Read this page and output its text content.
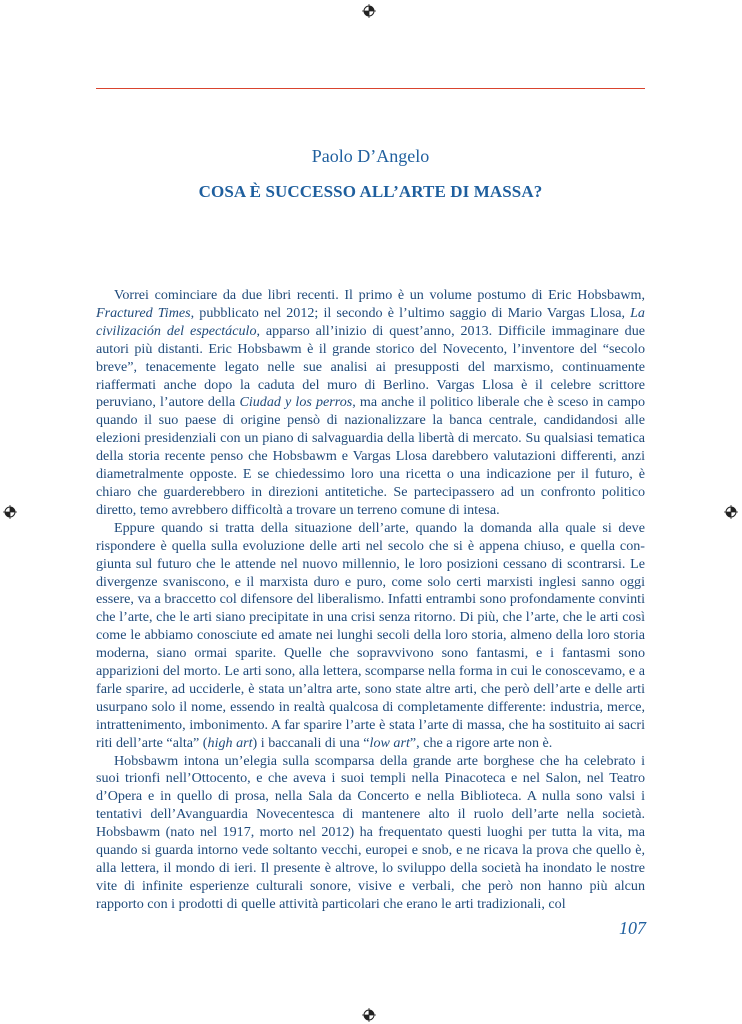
Paolo D’Angelo
COSA È SUCCESSO ALL’ARTE DI MASSA?

Vorrei cominciare da due libri recenti. Il primo è un volume postumo di Eric Hobsbawm, Fractured Times, pubblicato nel 2012; il secondo è l’ultimo saggio di Mario Vargas Llosa, La civilización del espectáculo, apparso all’inizio di quest’anno, 2013. Difficile immaginare due autori più distanti. Eric Hobsbawm è il grande storico del Novecento, l’inventore del “secolo breve”, tenacemente legato nelle sue analisi ai presupposti del marxismo, continuamente riaffermati anche dopo la caduta del muro di Berlino. Vargas Llosa è il celebre scrittore peruviano, l’autore della Ciudad y los perros, ma anche il politico liberale che è sceso in campo quando il suo paese di origine pensò di nazionalizzare la banca centrale, candidandosi alle elezioni presidenziali con un piano di salvaguardia della libertà di mercato. Su qualsiasi tematica della storia recente penso che Hobsbawm e Vargas Llosa darebbero valutazioni differenti, anzi diametralmente opposte. E se chiedessimo loro una ricetta o una indicazione per il futuro, è chiaro che guarderebbero in direzioni antitetiche. Se partecipassero ad un confronto politico diretto, temo avrebbero difficoltà a trovare un terreno comune di intesa.

Eppure quando si tratta della situazione dell’arte, quando la domanda alla quale si deve rispondere è quella sulla evoluzione delle arti nel secolo che si è appena chiuso, e quella congiunta sul futuro che le attende nel nuovo millennio, le loro posizioni cessano di scontrarsi. Le divergenze svaniscono, e il marxista duro e puro, come solo certi marxisti inglesi sanno oggi essere, va a braccetto col difensore del liberalismo. Infatti entrambi sono profondamente convinti che l’arte, che le arti siano precipitate in una crisi senza ritorno. Di più, che l’arte, che le arti così come le abbiamo conosciute ed amate nei lunghi secoli della loro storia, almeno della loro storia moderna, siano ormai sparite. Quelle che sopravvivono sono fantasmi, e i fantasmi sono apparizioni del morto. Le arti sono, alla lettera, scomparse nella forma in cui le conoscevamo, e a farle sparire, ad ucciderle, è stata un’altra arte, sono state altre arti, che però dell’arte e delle arti usurpano solo il nome, essendo in realtà qualcosa di completamente differente: industria, merce, intrattenimento, imbonimento. A far sparire l’arte è stata l’arte di massa, che ha sostituito ai sacri riti dell’arte “alta” (high art) i baccanali di una “low art”, che a rigore arte non è.

Hobsbawm intona un’elegia sulla scomparsa della grande arte borghese che ha celebrato i suoi trionfi nell’Ottocento, e che aveva i suoi templi nella Pinacoteca e nel Salon, nel Teatro d’Opera e in quello di prosa, nella Sala da Concerto e nella Biblioteca. A nulla sono valsi i tentativi dell’Avanguardia Novecentesca di mantenere alto il ruolo dell’arte nella società. Hobsbawm (nato nel 1917, morto nel 2012) ha frequentato questi luoghi per tutta la vita, ma quando si guarda intorno vede soltanto vecchi, europei e snob, e ne ricava la prova che quello è, alla lettera, il mondo di ieri. Il presente è altrove, lo sviluppo della società ha inondato le nostre vite di infinite esperienze culturali sonore, visive e verbali, che però non hanno più alcun rapporto con i prodotti di quelle attività particolari che erano le arti tradizionali, col

107
